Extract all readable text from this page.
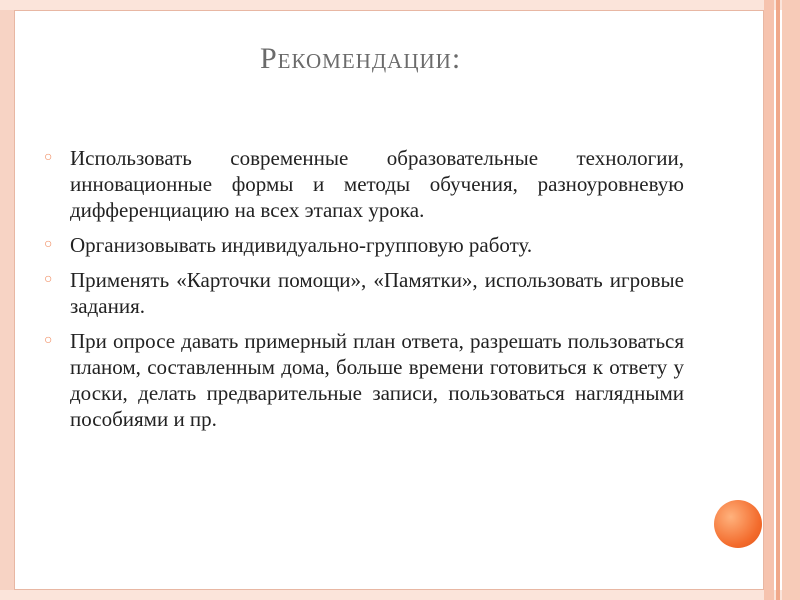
Рекомендации:
○ Использовать современные образовательные технологии, инновационные формы и методы обучения, разноуровневую дифференциацию на всех этапах урока.
○ Организовывать индивидуально-групповую работу.
○ Применять «Карточки помощи», «Памятки», использовать игровые задания.
○ При опросе давать примерный план ответа, разрешать пользоваться планом, составленным дома, больше времени готовиться к ответу у доски, делать предварительные записи, пользоваться наглядными пособиями и пр.
